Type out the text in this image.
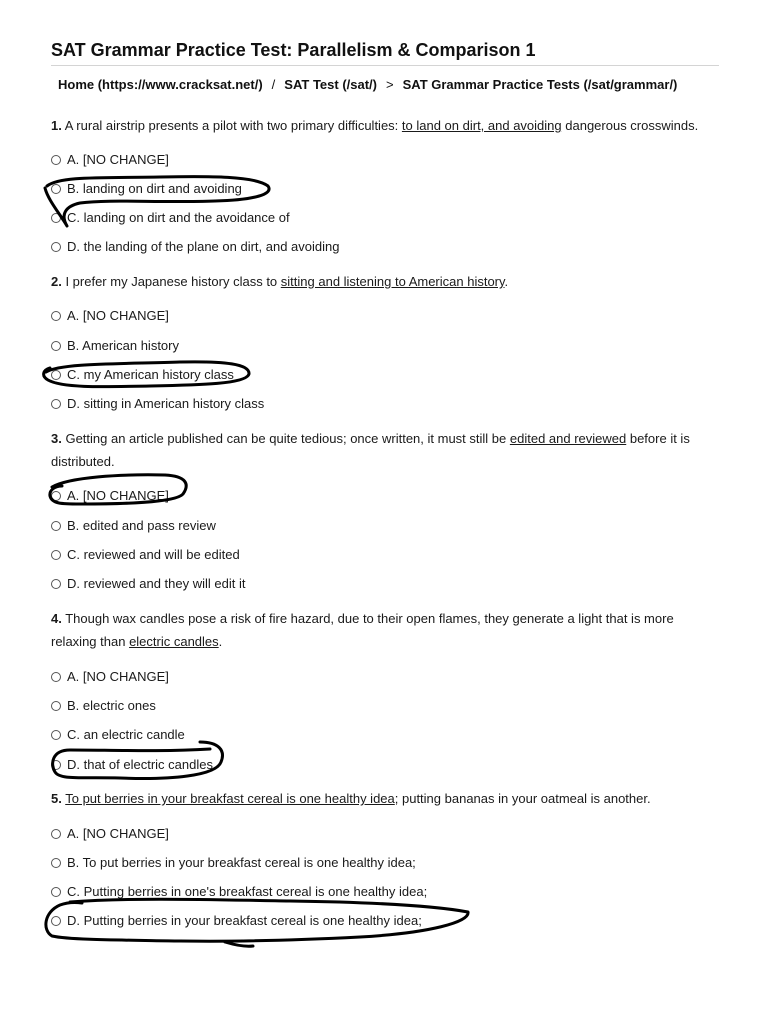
SAT Grammar Practice Test: Parallelism & Comparison 1
Home (https://www.cracksat.net/) / SAT Test (/sat/) > SAT Grammar Practice Tests (/sat/grammar/)
1. A rural airstrip presents a pilot with two primary difficulties: to land on dirt, and avoiding dangerous crosswinds.
A. [NO CHANGE]
B. landing on dirt and avoiding
C. landing on dirt and the avoidance of
D. the landing of the plane on dirt, and avoiding
2. I prefer my Japanese history class to sitting and listening to American history.
A. [NO CHANGE]
B. American history
C. my American history class
D. sitting in American history class
3. Getting an article published can be quite tedious; once written, it must still be edited and reviewed before it is distributed.
A. [NO CHANGE]
B. edited and pass review
C. reviewed and will be edited
D. reviewed and they will edit it
4. Though wax candles pose a risk of fire hazard, due to their open flames, they generate a light that is more relaxing than electric candles.
A. [NO CHANGE]
B. electric ones
C. an electric candle
D. that of electric candles
5. To put berries in your breakfast cereal is one healthy idea; putting bananas in your oatmeal is another.
A. [NO CHANGE]
B. To put berries in your breakfast cereal is one healthy idea;
C. Putting berries in one's breakfast cereal is one healthy idea;
D. Putting berries in your breakfast cereal is one healthy idea;
